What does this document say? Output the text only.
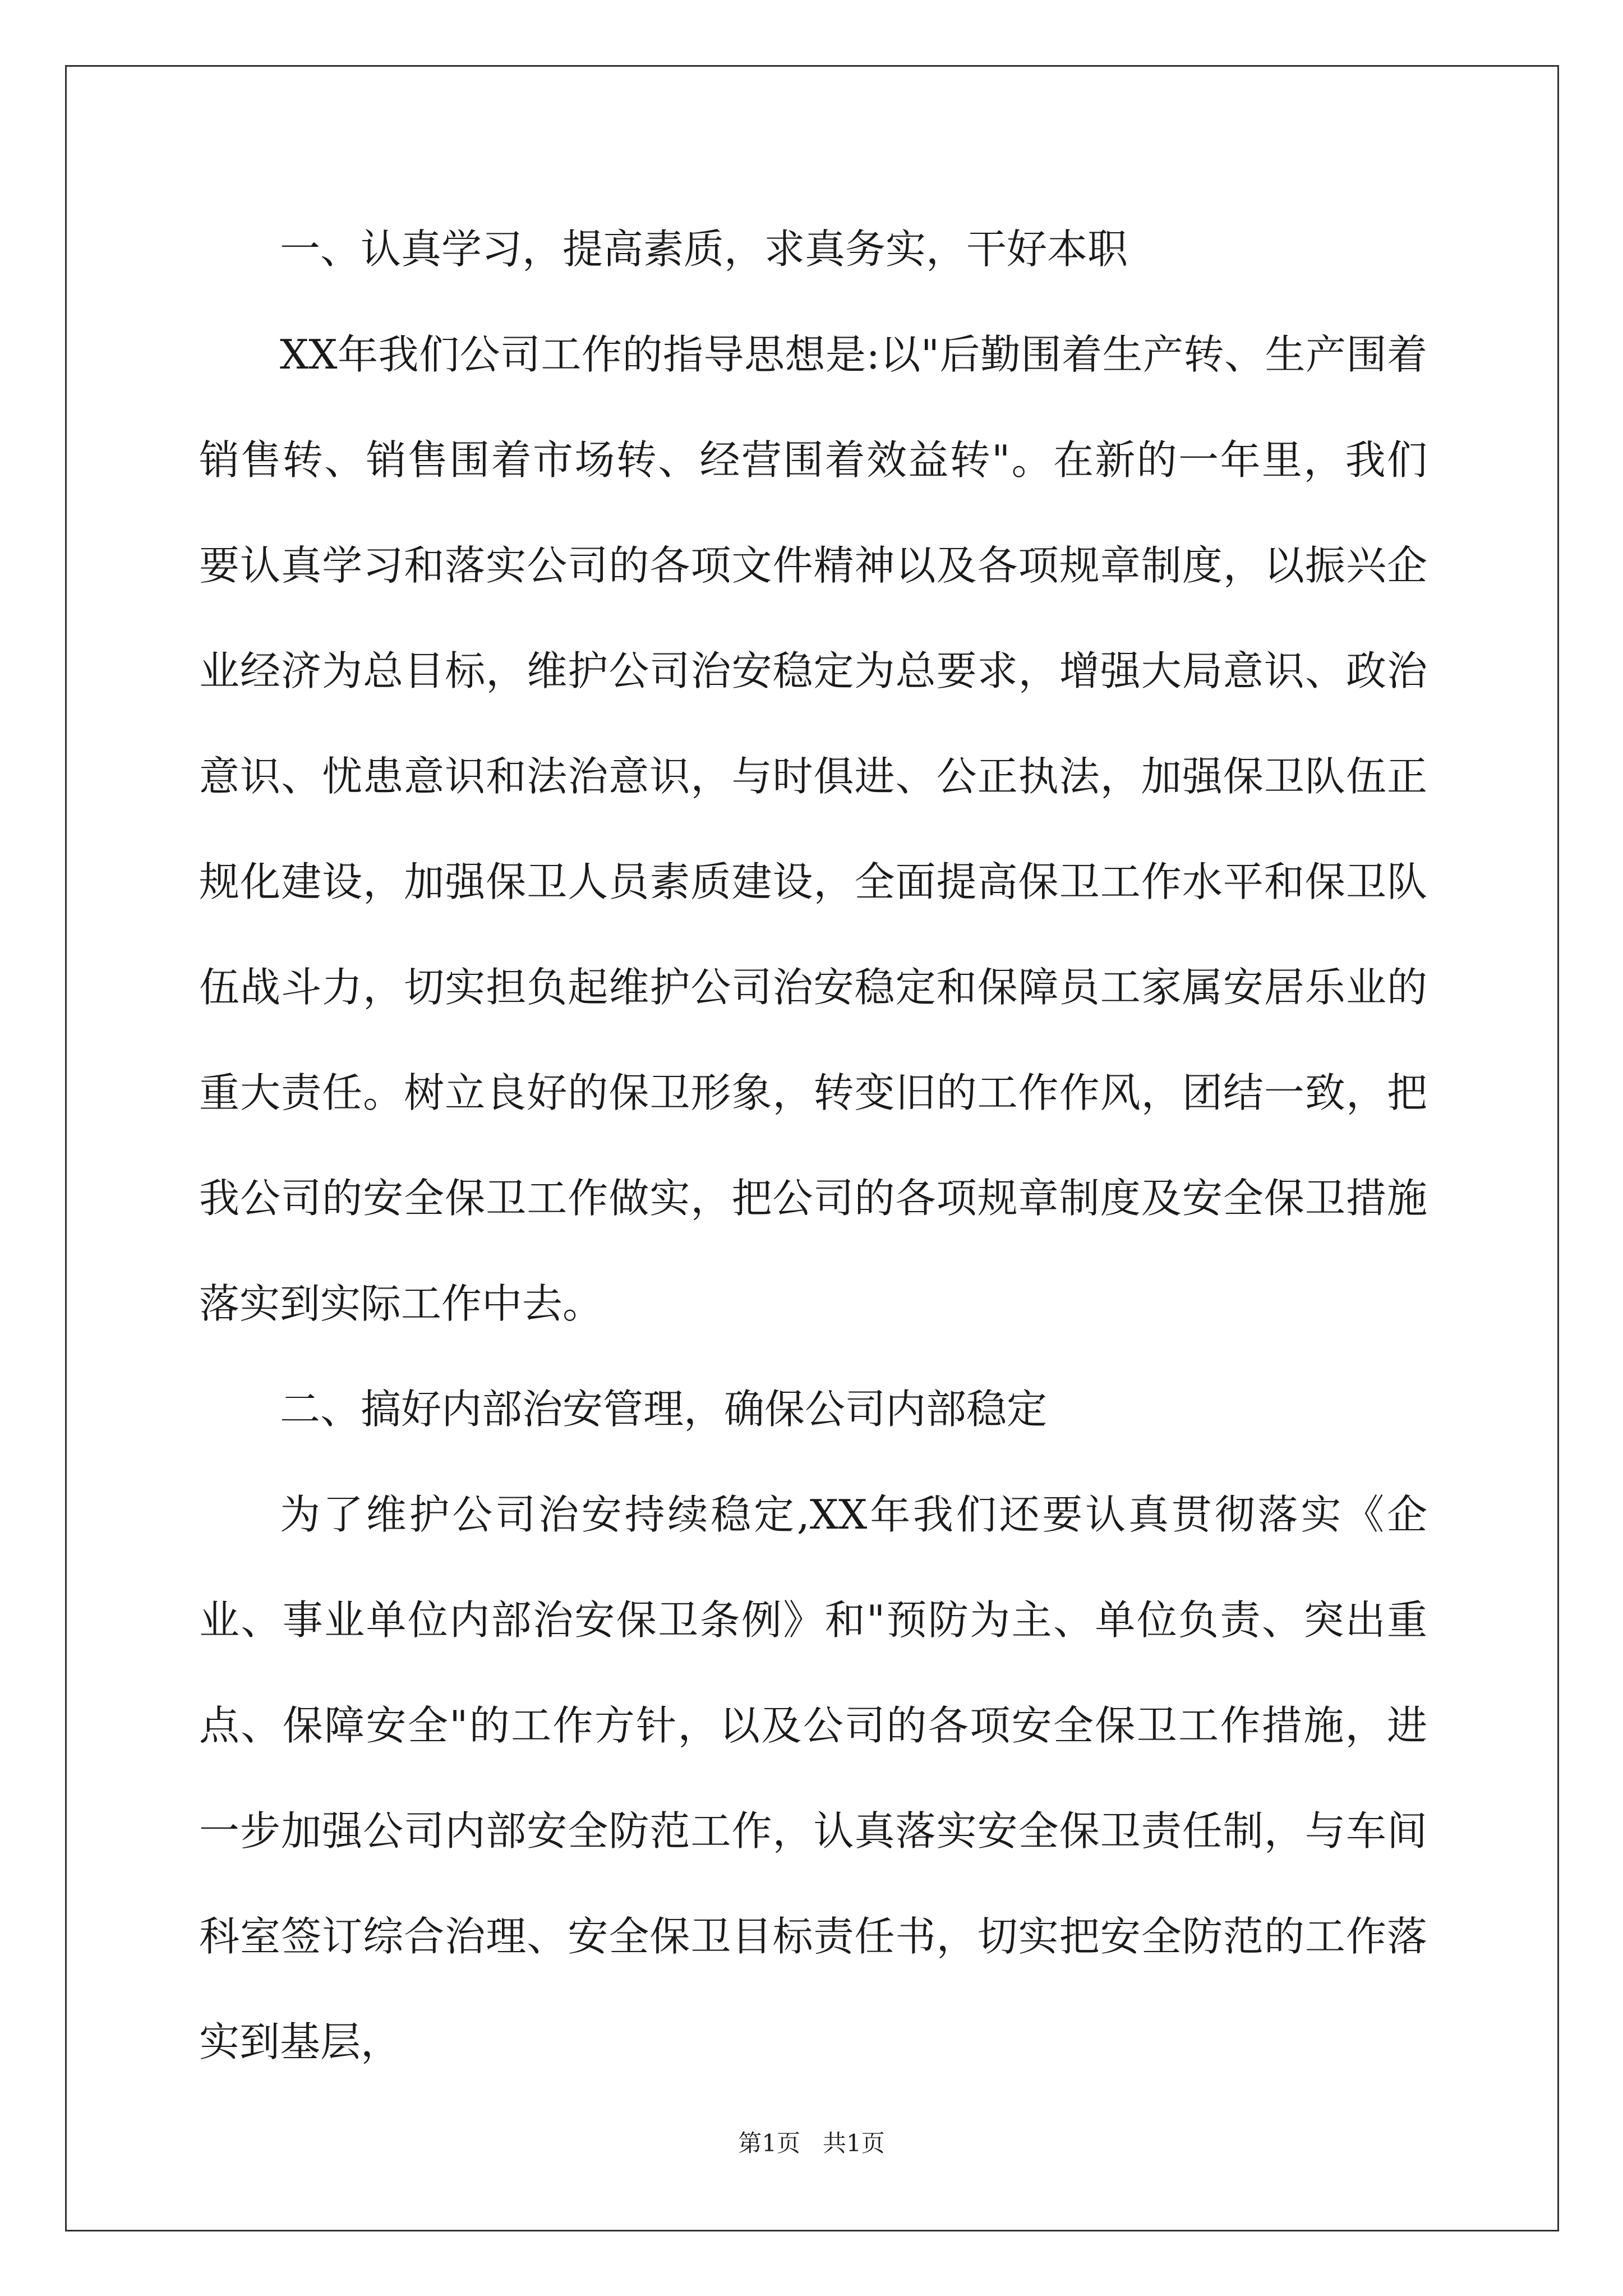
一、认真学习，提高素质，求真务实，干好本职

XX年我们公司工作的指导思想是:以"后勤围着生产转、生产围着销售转、销售围着市场转、经营围着效益转"。在新的一年里，我们要认真学习和落实公司的各项文件精神以及各项规章制度，以振兴企业经济为总目标，维护公司治安稳定为总要求，增强大局意识、政治意识、忧患意识和法治意识，与时俱进、公正执法，加强保卫队伍正规化建设，加强保卫人员素质建设，全面提高保卫工作水平和保卫队伍战斗力，切实担负起维护公司治安稳定和保障员工家属安居乐业的重大责任。树立良好的保卫形象，转变旧的工作作风，团结一致，把我公司的安全保卫工作做实，把公司的各项规章制度及安全保卫措施落实到实际工作中去。

二、搞好内部治安管理，确保公司内部稳定

为了维护公司治安持续稳定,XX年我们还要认真贯彻落实《企业、事业单位内部治安保卫条例》和"预防为主、单位负责、突出重点、保障安全"的工作方针，以及公司的各项安全保卫工作措施，进一步加强公司内部安全防范工作，认真落实安全保卫责任制，与车间科室签订综合治理、安全保卫目标责任书，切实把安全防范的工作落实到基层，

第1页 共1页
